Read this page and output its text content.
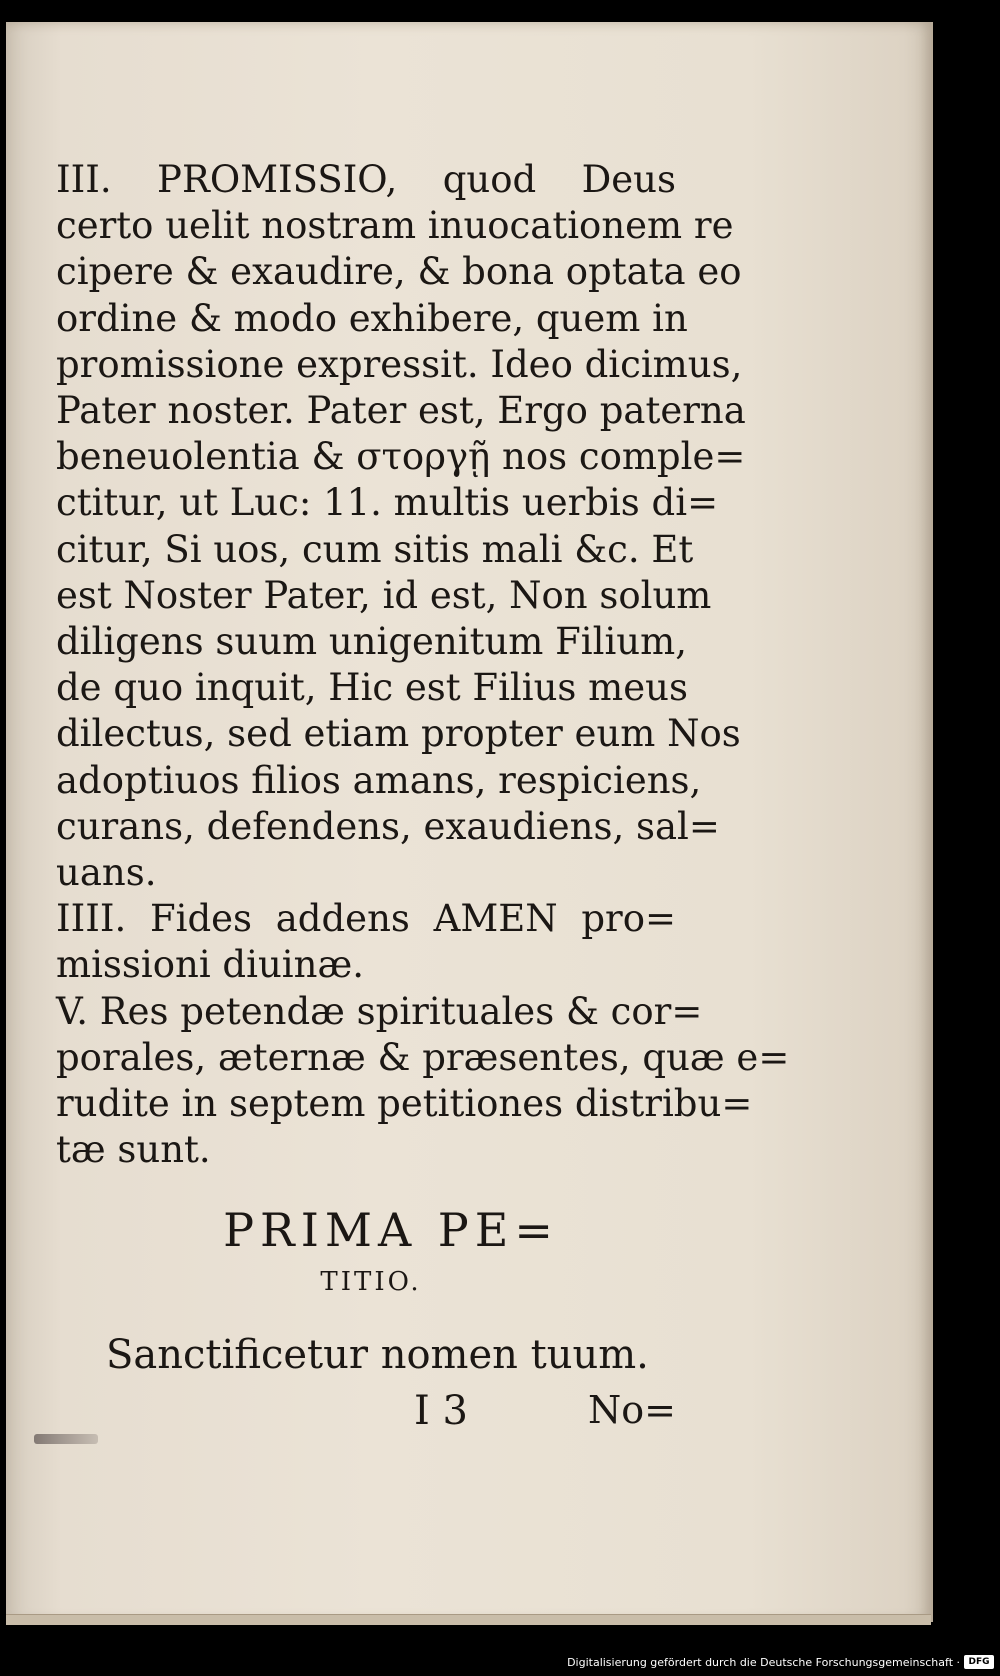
III. PROMISSIO, quod Deus
certo uelit nostram inuocationem re
cipere & exaudire, & bona optata eo
ordine & modo exhibere, quem in
promissione expressit. Ideo dicimus,
Pater noster. Pater est, Ergo paterna
beneuolentia & στοργῇ nos comple=
ctitur, ut Luc: 11. multis uerbis di=
citur, Si uos, cum sitis mali &c. Et
est Noster Pater, id est, Non solum
diligens suum unigenitum Filium,
de quo inquit, Hic est Filius meus
dilectus, sed etiam propter eum Nos
adoptiuos filios amans, respiciens,
curans, defendens, exaudiens, sal=
uans.
IIII. Fides addens AMEN pro=
missioni diuinæ.
V. Res petendæ spirituales & cor=
porales, æternæ & præsentes, quæ e=
rudite in septem petitiones distribu=
tæ sunt.
PRIMA PE=
TITIO.
Sanctificetur nomen tuum.
I 3	No=
Digitalisierung gefördert durch die Deutsche Forschungsgemeinschaft · DFG
